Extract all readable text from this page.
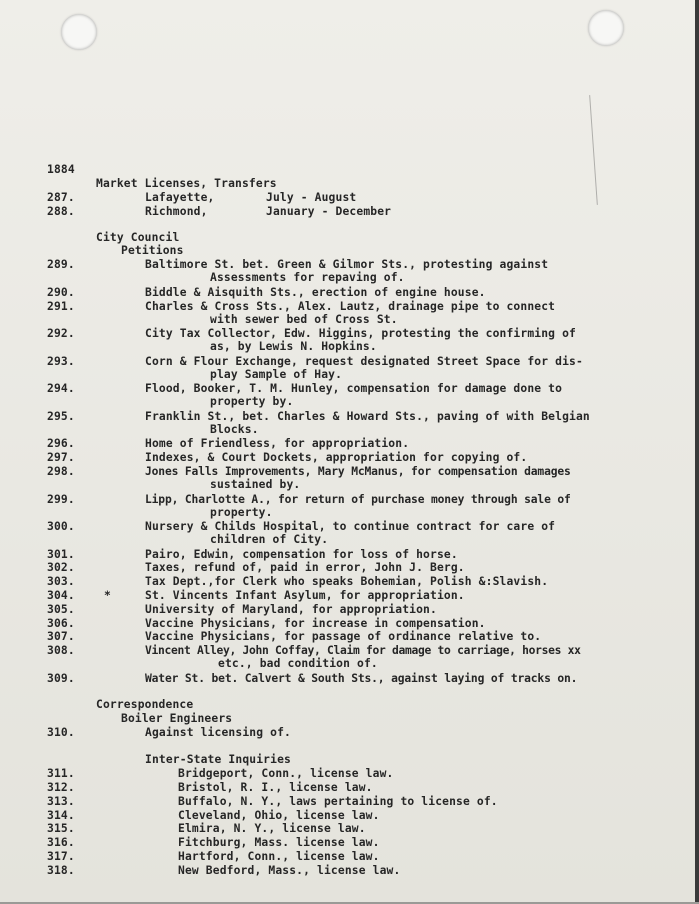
1884
Market Licenses, Transfers
287.	Lafayette,	July - August
288.	Richmond,	January - December
City Council
Petitions
289.	Baltimore St. bet. Green & Gilmor Sts., protesting against
Assessments for repaving of.
290.	Biddle & Aisquith Sts., erection of engine house.
291.	Charles & Cross Sts., Alex. Lautz, drainage pipe to connect
with sewer bed of Cross St.
292.	City Tax Collector, Edw. Higgins, protesting the confirming of
as, by Lewis N. Hopkins.
293.	Corn & Flour Exchange, request designated Street Space for dis-
play Sample of Hay.
294.	Flood, Booker, T. M. Hunley, compensation for damage done to
property by.
295.	Franklin St., bet. Charles & Howard Sts., paving of with Belgian
Blocks.
296.	Home of Friendless, for appropriation.
297.	Indexes, & Court Dockets, appropriation for copying of.
298.	Jones Falls Improvements, Mary McManus, for compensation damages
sustained by.
299.	Lipp, Charlotte A., for return of purchase money through sale of
property.
300.	Nursery & Childs Hospital, to continue contract for care of
children of City.
301.	Pairo, Edwin, compensation for loss of horse.
302.	Taxes, refund of, paid in error, John J. Berg.
303.	Tax Dept.,for Clerk who speaks Bohemian, Polish &:Slavish.
304.	*	St. Vincents Infant Asylum, for appropriation.
305.	University of Maryland, for appropriation.
306.	Vaccine Physicians, for increase in compensation.
307.	Vaccine Physicians, for passage of ordinance relative to.
308.	Vincent Alley, John Coffay, Claim for damage to carriage, horses xx
etc., bad condition of.
309.	Water St. bet. Calvert & South Sts., against laying of tracks on.
Correspondence
Boiler Engineers
310.	Against licensing of.
Inter-State Inquiries
311.	Bridgeport, Conn., license law.
312.	Bristol, R. I., license law.
313.	Buffalo, N. Y., laws pertaining to license of.
314.	Cleveland, Ohio, license law.
315.	Elmira, N. Y., license law.
316.	Fitchburg, Mass. license law.
317.	Hartford, Conn., license law.
318.	New Bedford, Mass., license law.
